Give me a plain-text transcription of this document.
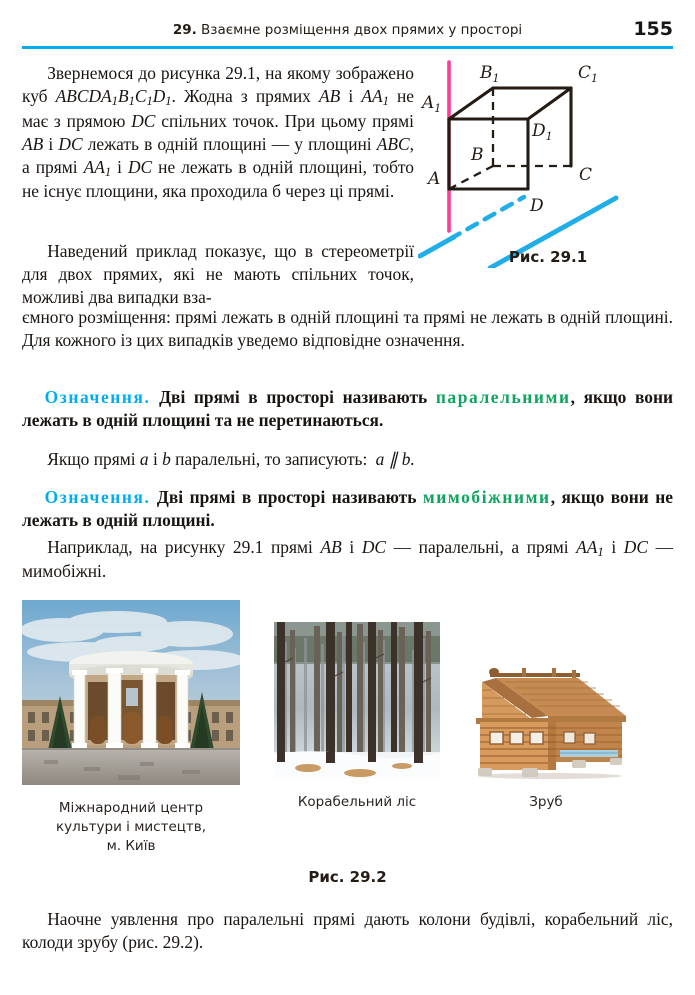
29. Взаємне розміщення двох прямих у просторі	155
Звернемося до рисунка 29.1, на якому зображено куб $ABCDA_1B_1C_1D_1$. Жодна з прямих AB і $AA_1$ не має з прямою DC спільних точок. При цьому прямі AB і DC лежать в одній площині — у площині ABC, а прямі $AA_1$ і DC не лежать в одній площині, тобто не існує площини, яка проходила б через ці прямі.
Наведений приклад показує, що в стереометрії для двох прямих, які не мають спільних точок, можливі два випадки вза-
ємного розміщення: прямі лежать в одній площині та прямі не лежать в одній площині. Для кожного із цих випадків уведемо відповідне означення.
Означення. Дві прямі в просторі називають паралельними, якщо вони лежать в одній площині та не перетинаються.
Якщо прямі a і b паралельні, то записують: a ∥ b.
Означення. Дві прямі в просторі називають мимобіжними, якщо вони не лежать в одній площині.
Наприклад, на рисунку 29.1 прямі AB і DC — паралельні, а прямі $AA_1$ і DC — мимобіжні.
$A_1$
$B_1$	$C_1$
$D_1$
A
B
C
D
Рис. 29.1
Міжнародний центр
культури і мистецтв,
м. Київ
Корабельний ліс	Зруб
Рис. 29.2
Наочне уявлення про паралельні прямі дають колони будівлі, корабельний ліс, колоди зрубу (рис. 29.2).
